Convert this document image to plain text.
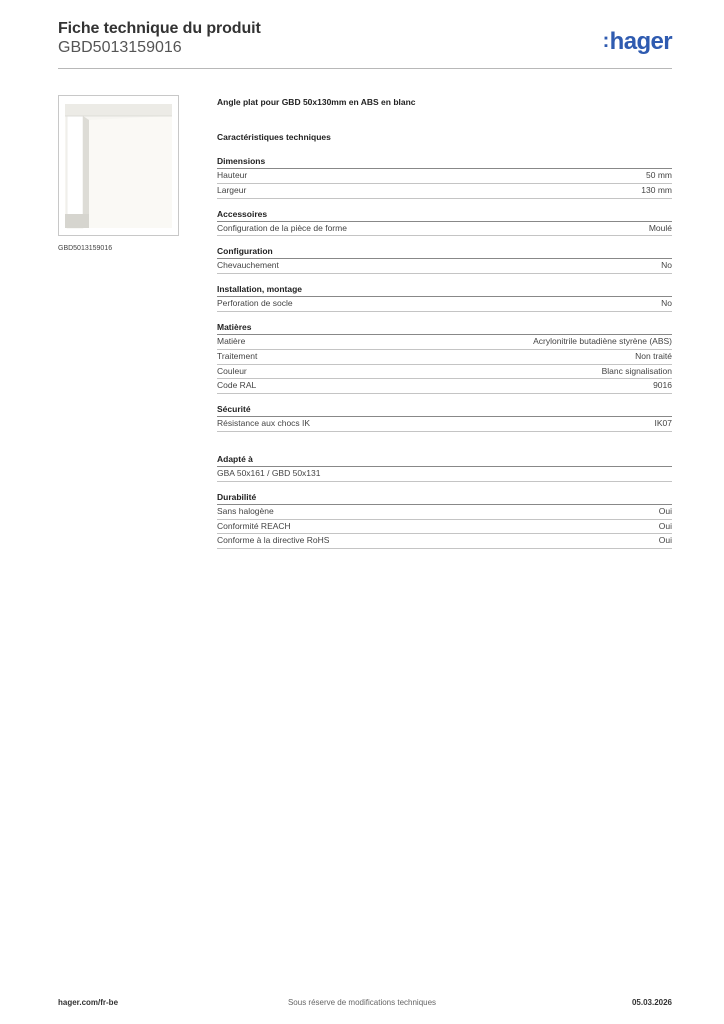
Fiche technique du produit
GBD5013159016	:hager
GBD5013159016
Angle plat pour GBD 50x130mm en ABS en blanc
Caractéristiques techniques
Dimensions
Hauteur	50 mm
Largeur	130 mm
Accessoires
Configuration de la pièce de forme	Moulé
Configuration
Chevauchement	No
Installation, montage
Perforation de socle	No
Matières
Matière	Acrylonitrile butadiène styrène (ABS)
Traitement	Non traité
Couleur	Blanc signalisation
Code RAL	9016
Sécurité
Résistance aux chocs IK	IK07
Adapté à
GBA 50x161 / GBD 50x131
Durabilité
Sans halogène	Oui
Conformité REACH	Oui
Conforme à la directive RoHS	Oui
hager.com/fr-be	Sous réserve de modifications techniques	05.03.2026
